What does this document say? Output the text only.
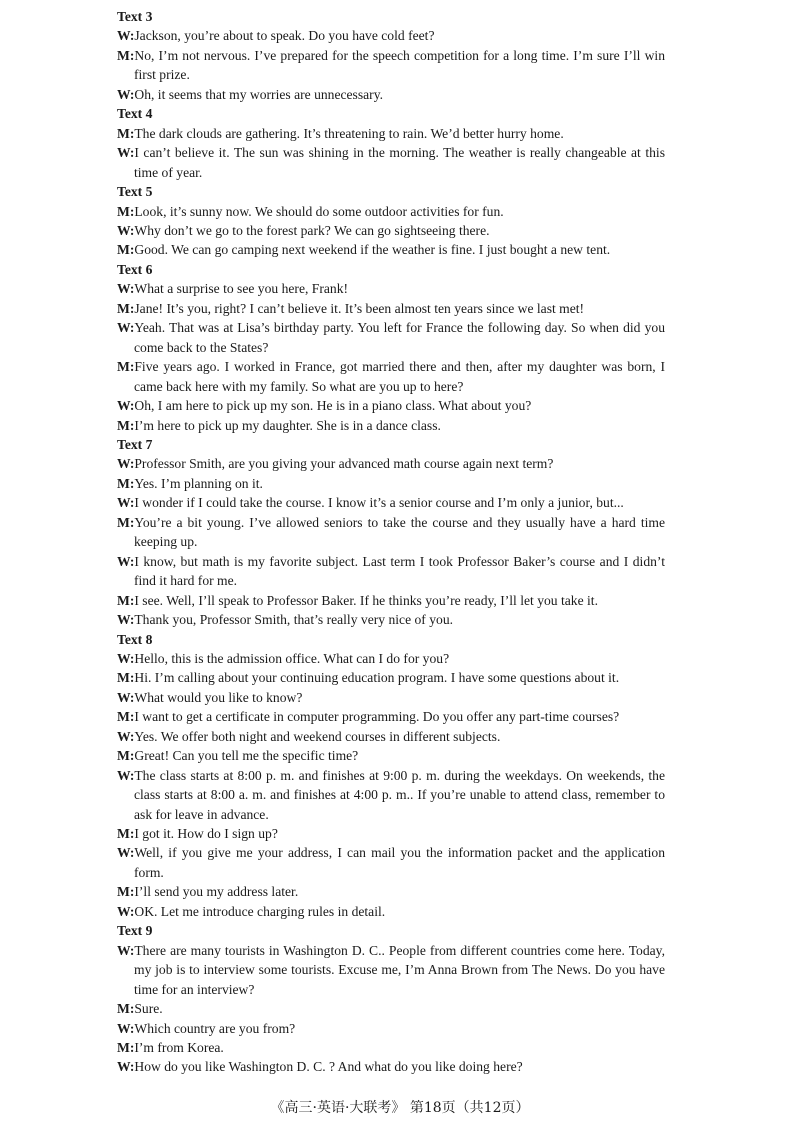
Text 3
W:Jackson, you’re about to speak. Do you have cold feet?
M:No, I’m not nervous. I’ve prepared for the speech competition for a long time. I’m sure I’ll win first prize.
W:Oh, it seems that my worries are unnecessary.
Text 4
M:The dark clouds are gathering. It’s threatening to rain. We’d better hurry home.
W:I can’t believe it. The sun was shining in the morning. The weather is really changeable at this time of year.
Text 5
M:Look, it’s sunny now. We should do some outdoor activities for fun.
W:Why don’t we go to the forest park? We can go sightseeing there.
M:Good. We can go camping next weekend if the weather is fine. I just bought a new tent.
Text 6
W:What a surprise to see you here, Frank!
M:Jane! It’s you, right? I can’t believe it. It’s been almost ten years since we last met!
W:Yeah. That was at Lisa’s birthday party. You left for France the following day. So when did you come back to the States?
M:Five years ago. I worked in France, got married there and then, after my daughter was born, I came back here with my family. So what are you up to here?
W:Oh, I am here to pick up my son. He is in a piano class. What about you?
M:I’m here to pick up my daughter. She is in a dance class.
Text 7
W:Professor Smith, are you giving your advanced math course again next term?
M:Yes. I’m planning on it.
W:I wonder if I could take the course. I know it’s a senior course and I’m only a junior, but...
M:You’re a bit young. I’ve allowed seniors to take the course and they usually have a hard time keeping up.
W:I know, but math is my favorite subject. Last term I took Professor Baker’s course and I didn’t find it hard for me.
M:I see. Well, I’ll speak to Professor Baker. If he thinks you’re ready, I’ll let you take it.
W:Thank you, Professor Smith, that’s really very nice of you.
Text 8
W:Hello, this is the admission office. What can I do for you?
M:Hi. I’m calling about your continuing education program. I have some questions about it.
W:What would you like to know?
M:I want to get a certificate in computer programming. Do you offer any part-time courses?
W:Yes. We offer both night and weekend courses in different subjects.
M:Great! Can you tell me the specific time?
W:The class starts at 8:00 p. m. and finishes at 9:00 p. m. during the weekdays. On weekends, the class starts at 8:00 a. m. and finishes at 4:00 p. m.. If you’re unable to attend class, remember to ask for leave in advance.
M:I got it. How do I sign up?
W:Well, if you give me your address, I can mail you the information packet and the application form.
M:I’ll send you my address later.
W:OK. Let me introduce charging rules in detail.
Text 9
W:There are many tourists in Washington D. C.. People from different countries come here. Today, my job is to interview some tourists. Excuse me, I’m Anna Brown from The News. Do you have time for an interview?
M:Sure.
W:Which country are you from?
M:I’m from Korea.
W:How do you like Washington D. C. ? And what do you like doing here?
《高三·英语·大联考》 第18页（共12页）
